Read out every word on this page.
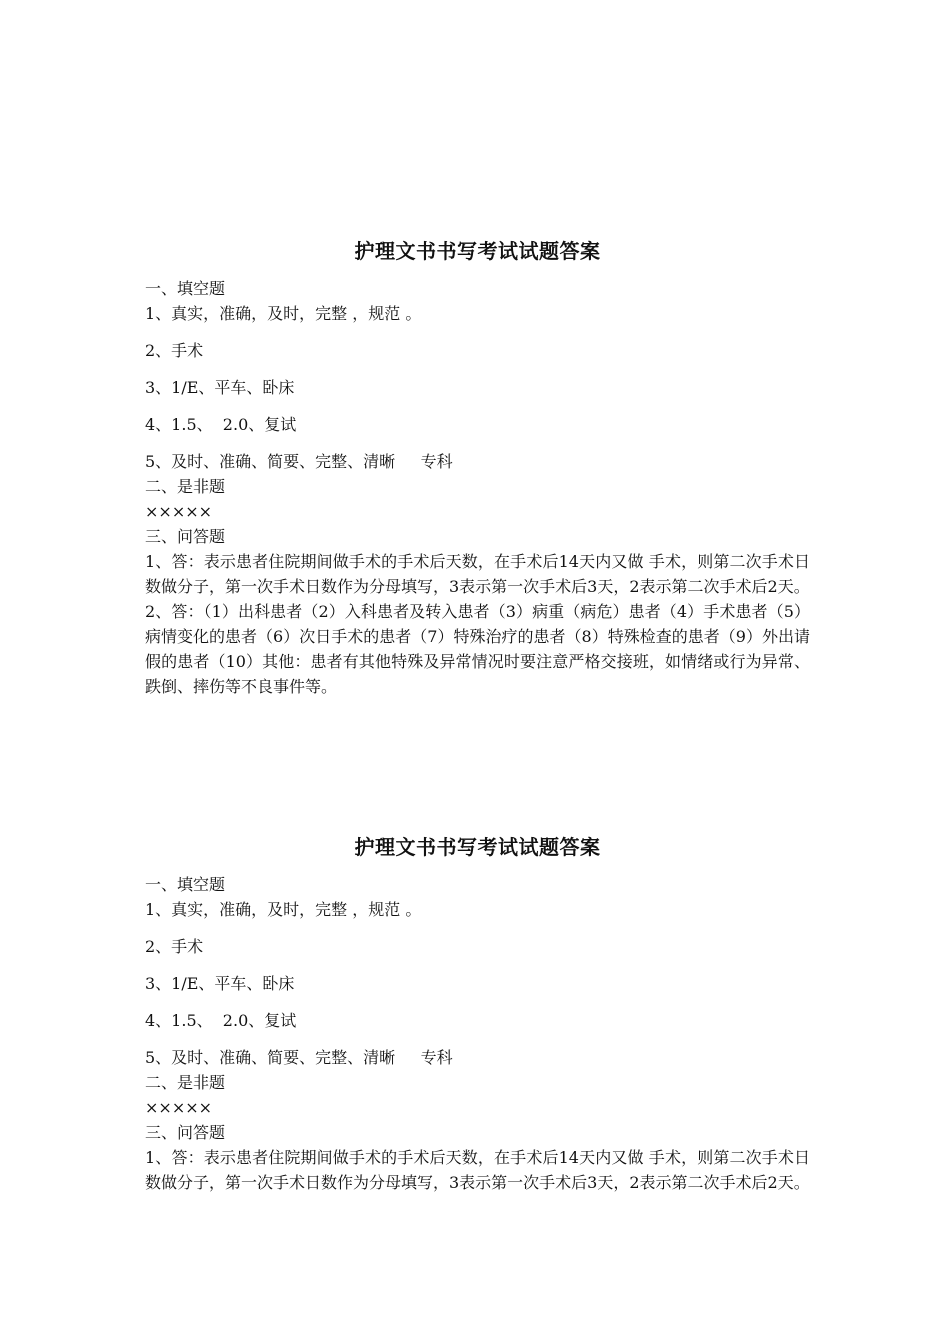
护理文书书写考试试题答案

一、填空题

1、真实，准确，及时，完整 ，规范 。

2、手术

3、1/E、平车、卧床

4、1.5、  2.0、复试

5、及时、准确、简要、完整、清晰     专科

二、是非题

×××××

三、问答题

1、答：表示患者住院期间做手术的手术后天数，在手术后14天内又做 手术，则第二次手术日数做分子，第一次手术日数作为分母填写，3表示第一次手术后3天，2表示第二次手术后2天。

2、答：（1）出科患者（2）入科患者及转入患者（3）病重（病危）患者（4）手术患者（5）病情变化的患者（6）次日手术的患者（7）特殊治疗的患者（8）特殊检查的患者（9）外出请假的患者（10）其他：患者有其他特殊及异常情况时要注意严格交接班，如情绪或行为异常、跌倒、摔伤等不良事件等。

护理文书书写考试试题答案

一、填空题

1、真实，准确，及时，完整 ，规范 。

2、手术

3、1/E、平车、卧床

4、1.5、  2.0、复试

5、及时、准确、简要、完整、清晰     专科

二、是非题

×××××

三、问答题

1、答：表示患者住院期间做手术的手术后天数，在手术后14天内又做 手术，则第二次手术日数做分子，第一次手术日数作为分母填写，3表示第一次手术后3天，2表示第二次手术后2天。
